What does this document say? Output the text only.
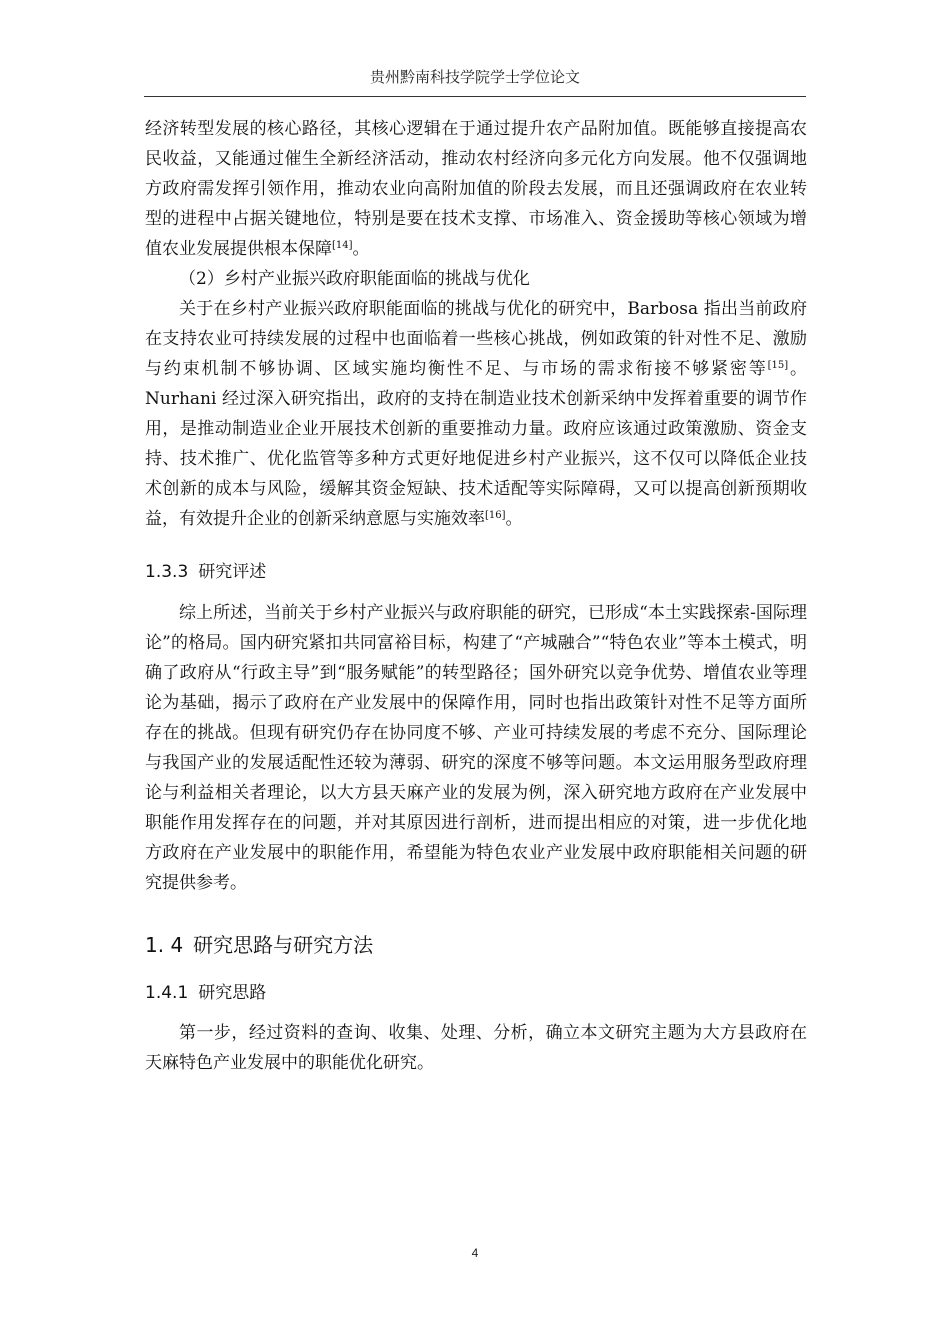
贵州黔南科技学院学士学位论文

经济转型发展的核心路径，其核心逻辑在于通过提升农产品附加值。既能够直接提高农民收益，又能通过催生全新经济活动，推动农村经济向多元化方向发展。他不仅强调地方政府需发挥引领作用，推动农业向高附加值的阶段去发展，而且还强调政府在农业转型的进程中占据关键地位，特别是要在技术支撑、市场准入、资金援助等核心领域为增值农业发展提供根本保障[14]。

（2）乡村产业振兴政府职能面临的挑战与优化

关于在乡村产业振兴政府职能面临的挑战与优化的研究中，Barbosa 指出当前政府在支持农业可持续发展的过程中也面临着一些核心挑战，例如政策的针对性不足、激励与约束机制不够协调、区域实施均衡性不足、与市场的需求衔接不够紧密等[15]。Nurhani 经过深入研究指出，政府的支持在制造业技术创新采纳中发挥着重要的调节作用，是推动制造业企业开展技术创新的重要推动力量。政府应该通过政策激励、资金支持、技术推广、优化监管等多种方式更好地促进乡村产业振兴，这不仅可以降低企业技术创新的成本与风险，缓解其资金短缺、技术适配等实际障碍，又可以提高创新预期收益，有效提升企业的创新采纳意愿与实施效率[16]。

1.3.3 研究评述

综上所述，当前关于乡村产业振兴与政府职能的研究，已形成“本土实践探索-国际理论”的格局。国内研究紧扣共同富裕目标，构建了“产城融合”“特色农业”等本土模式，明确了政府从“行政主导”到“服务赋能”的转型路径；国外研究以竞争优势、增值农业等理论为基础，揭示了政府在产业发展中的保障作用，同时也指出政策针对性不足等方面所存在的挑战。但现有研究仍存在协同度不够、产业可持续发展的考虑不充分、国际理论与我国产业的发展适配性还较为薄弱、研究的深度不够等问题。本文运用服务型政府理论与利益相关者理论，以大方县天麻产业的发展为例，深入研究地方政府在产业发展中职能作用发挥存在的问题，并对其原因进行剖析，进而提出相应的对策，进一步优化地方政府在产业发展中的职能作用，希望能为特色农业产业发展中政府职能相关问题的研究提供参考。

1. 4 研究思路与研究方法
1.4.1 研究思路

第一步，经过资料的查询、收集、处理、分析，确立本文研究主题为大方县政府在天麻特色产业发展中的职能优化研究。

4
